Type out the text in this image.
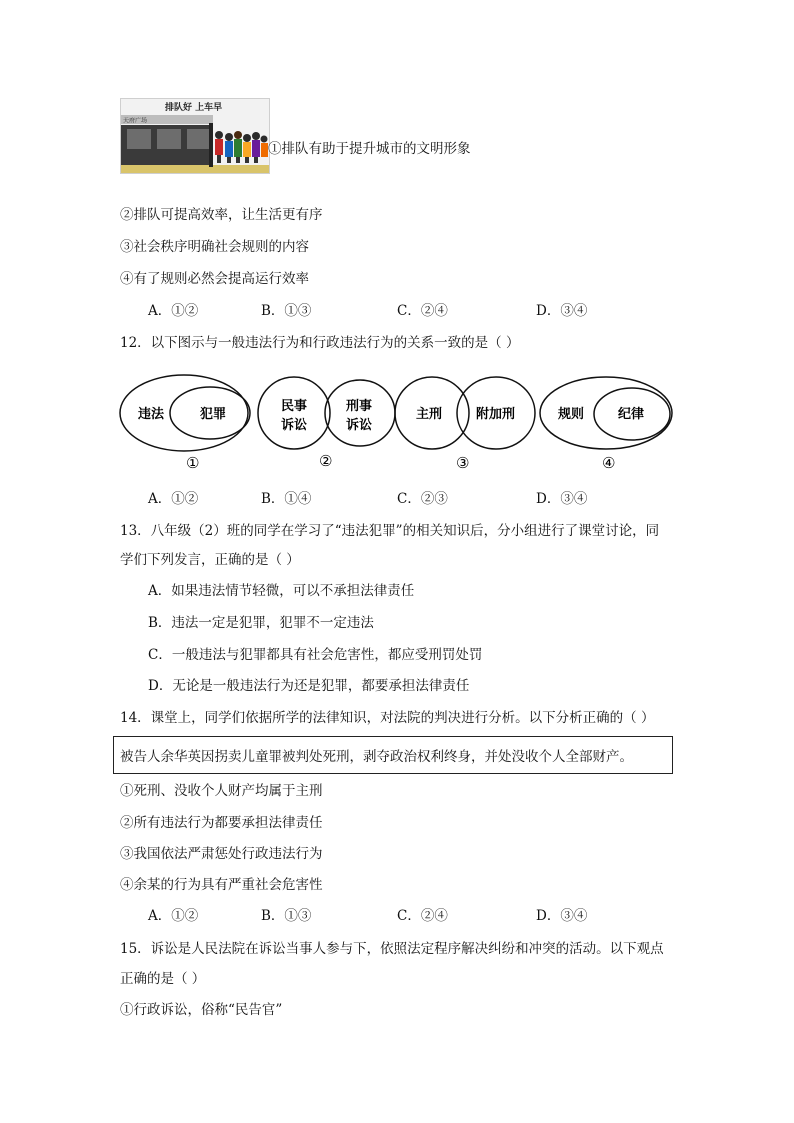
排队好 上车早
天府广场
①排队有助于提升城市的文明形象
②排队可提高效率，让生活更有序
③社会秩序明确社会规则的内容
④有了规则必然会提高运行效率
A．①②	B．①③	C．②④	D．③④
12．以下图示与一般违法行为和行政违法行为的关系一致的是（ ）
违法	犯罪
①
民事
诉讼
刑事
诉讼
②
主刑	附加刑
③
规则	纪律
④
A．①②	B．①④	C．②③	D．③④
13．八年级（2）班的同学在学习了“违法犯罪”的相关知识后，分小组进行了课堂讨论，同
学们下列发言，正确的是（ ）
A．如果违法情节轻微，可以不承担法律责任
B．违法一定是犯罪，犯罪不一定违法
C．一般违法与犯罪都具有社会危害性，都应受刑罚处罚
D．无论是一般违法行为还是犯罪，都要承担法律责任
14．课堂上，同学们依据所学的法律知识，对法院的判决进行分析。以下分析正确的（ ）
被告人余华英因拐卖儿童罪被判处死刑，剥夺政治权利终身，并处没收个人全部财产。
①死刑、没收个人财产均属于主刑
②所有违法行为都要承担法律责任
③我国依法严肃惩处行政违法行为
④余某的行为具有严重社会危害性
A．①②	B．①③	C．②④	D．③④
15．诉讼是人民法院在诉讼当事人参与下，依照法定程序解决纠纷和冲突的活动。以下观点
正确的是（ ）
①行政诉讼，俗称“民告官”
